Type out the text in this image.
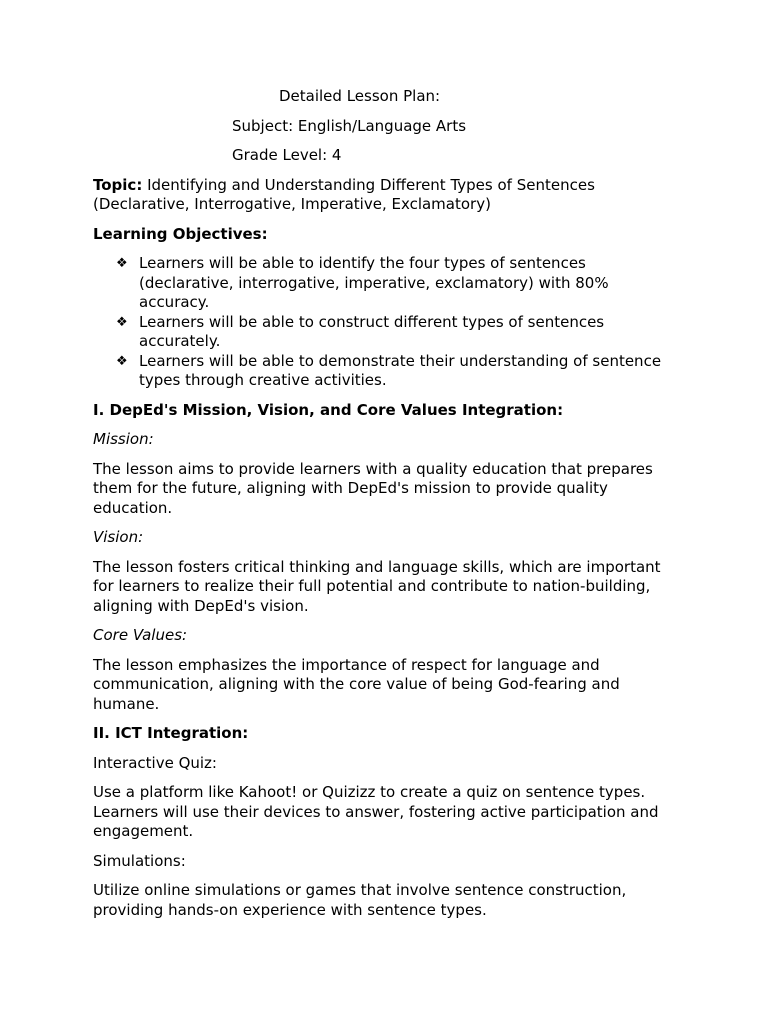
Detailed Lesson Plan:

Subject: English/Language Arts

Grade Level: 4

Topic: Identifying and Understanding Different Types of Sentences (Declarative, Interrogative, Imperative, Exclamatory)

Learning Objectives:

❖ Learners will be able to identify the four types of sentences (declarative, interrogative, imperative, exclamatory) with 80% accuracy.
❖ Learners will be able to construct different types of sentences accurately.
❖ Learners will be able to demonstrate their understanding of sentence types through creative activities.

I. DepEd's Mission, Vision, and Core Values Integration:

Mission:

The lesson aims to provide learners with a quality education that prepares them for the future, aligning with DepEd's mission to provide quality education.

Vision:

The lesson fosters critical thinking and language skills, which are important for learners to realize their full potential and contribute to nation-building, aligning with DepEd's vision.

Core Values:

The lesson emphasizes the importance of respect for language and communication, aligning with the core value of being God-fearing and humane.

II. ICT Integration:

Interactive Quiz:

Use a platform like Kahoot! or Quizizz to create a quiz on sentence types. Learners will use their devices to answer, fostering active participation and engagement.

Simulations:

Utilize online simulations or games that involve sentence construction, providing hands-on experience with sentence types.
